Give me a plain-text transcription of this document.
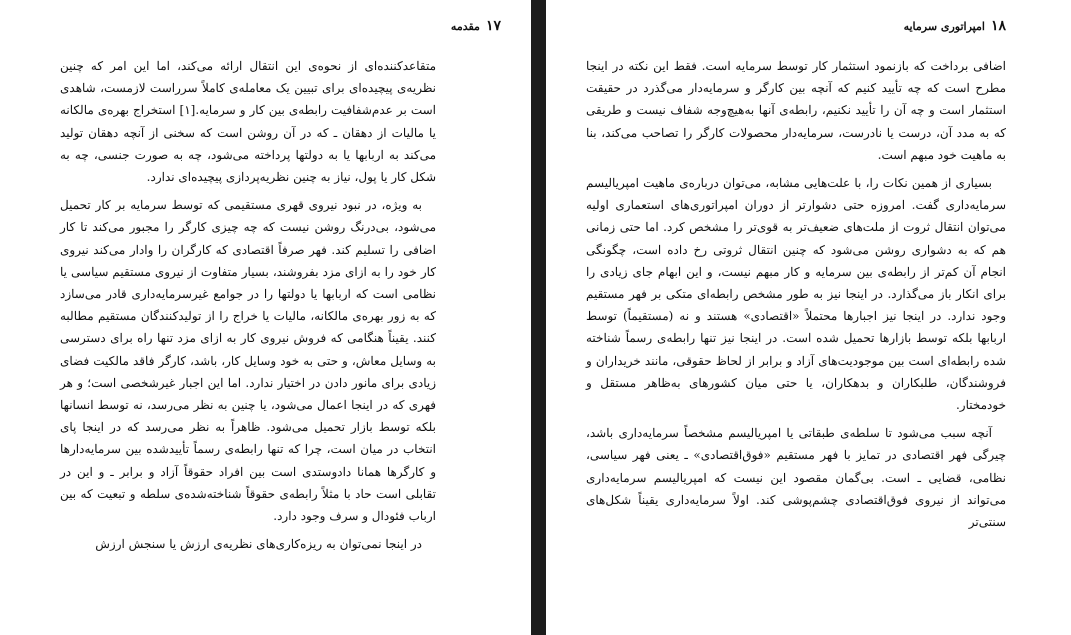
۱۷
مقدمه

متقاعدکننده‌ای از نحوه‌ی این انتقال ارائه می‌کند، اما این امر که چنین نظریه‌ی پیچیده‌ای برای تبیین یک معامله‌ی کاملاً سرراست لازمست، شاهدی است بر عدم‌شفافیت رابطه‌ی بین کار و سرمایه.[۱] استخراج بهره‌ی مالکانه یا مالیات از دهقان ـ که در آن روشن است که سخنی از آنچه دهقان تولید می‌کند به اربابها یا به دولتها پرداخته می‌شود، چه به صورت جنسی، چه به شکل کار یا پول، نیاز به چنین نظریه‌پردازی پیچیده‌ای ندارد.

به ویژه، در نبود نیروی قهری مستقیمی که توسط سرمایه بر کار تحمیل می‌شود، بی‌درنگ روشن نیست که چه چیزی کارگر را مجبور می‌کند تا کار اضافی را تسلیم کند. فهر صرفاً اقتصادی که کارگران را وادار می‌کند نیروی کار خود را به ازای مزد بفروشند، بسیار متفاوت از نیروی مستقیم سیاسی یا نظامی است که اربابها یا دولتها را در جوامع غیرسرمایه‌داری قادر می‌سازد که به زور بهره‌ی مالکانه، مالیات یا خراج را از تولیدکنندگان مستقیم مطالبه کنند. یقیناً هنگامی که فروش نیروی کار به ازای مزد تنها راه برای دسترسی به وسایل معاش، و حتی به خود وسایل کار، باشد، کارگر فاقد مالکیت فضای زیادی برای مانور دادن در اختیار ندارد. اما این اجبار غیرشخصی است؛ و هر فهری که در اینجا اعمال می‌شود، یا چنین به نظر می‌رسد، نه توسط انسانها بلکه توسط بازار تحمیل می‌شود. ظاهراً به نظر می‌رسد که در اینجا پای انتخاب در میان است، چرا که تنها رابطه‌ی رسماً تأییدشده بین سرمایه‌دارها و کارگرها همانا دادوستدی است بین افراد حقوقاً آزاد و برابر ـ و این در تقابلی است حاد با مثلاً رابطه‌ی حقوقاً شناخته‌شده‌ی سلطه و تبعیت که بین ارباب فئودال و سرف وجود دارد.

در اینجا نمی‌توان به ریزه‌کاری‌های نظریه‌ی ارزش یا سنجش ارزش

۱۸
امپراتوری سرمایه

اضافی برداخت که بازنمود استثمار کار توسط سرمایه است. فقط این نکته در اینجا مطرح است که چه تأیید کنیم که آنچه بین کارگر و سرمایه‌دار می‌گذرد در حقیقت استثمار است و چه آن را تأیید نکنیم، رابطه‌ی آنها به‌هیچ‌وجه شفاف نیست و طریقی که به مدد آن، درست یا نادرست، سرمایه‌دار محصولات کارگر را تصاحب می‌کند، بنا به ماهیت خود مبهم است.

بسیاری از همین نکات را، با علت‌هایی مشابه، می‌توان درباره‌ی ماهیت امپریالیسم سرمایه‌داری گفت. امروزه حتی دشوارتر از دوران امپراتوری‌های استعماری اولیه می‌توان انتقال ثروت از ملت‌های ضعیف‌تر به قوی‌تر را مشخص کرد. اما حتی زمانی هم که به دشواری روشن می‌شود که چنین انتقال ثروتی رخ داده است، چگونگی انجام آن کم‌تر از رابطه‌ی بین سرمایه و کار مبهم نیست، و این ابهام جای زیادی را برای انکار باز می‌گذارد. در اینجا نیز به طور مشخص رابطه‌ای متکی بر فهر مستقیم وجود ندارد. در اینجا نیز اجبارها محتملاً «اقتصادی» هستند و نه (مستقیماً) توسط اربابها بلکه توسط بازارها تحمیل شده است. در اینجا نیز تنها رابطه‌ی رسماً شناخته شده رابطه‌ای است بین موجودیت‌های آزاد و برابر از لحاظ حقوقی، مانند خریداران و فروشندگان، طلبکاران و بدهکاران، یا حتی میان کشورهای به‌ظاهر مستقل و خودمختار.

آنچه سبب می‌شود تا سلطه‌ی طبقاتی یا امپریالیسم مشخصاً سرمایه‌داری باشد، چیرگی فهر اقتصادی در تمایز با فهر مستقیم «فوق‌اقتصادی» ـ یعنی فهر سیاسی، نظامی، قضایی ـ است. بی‌گمان مقصود این نیست که امپریالیسم سرمایه‌داری می‌تواند از نیروی فوق‌اقتصادی چشم‌پوشی کند. اولاً سرمایه‌داری یقیناً شکل‌های سنتی‌تر
